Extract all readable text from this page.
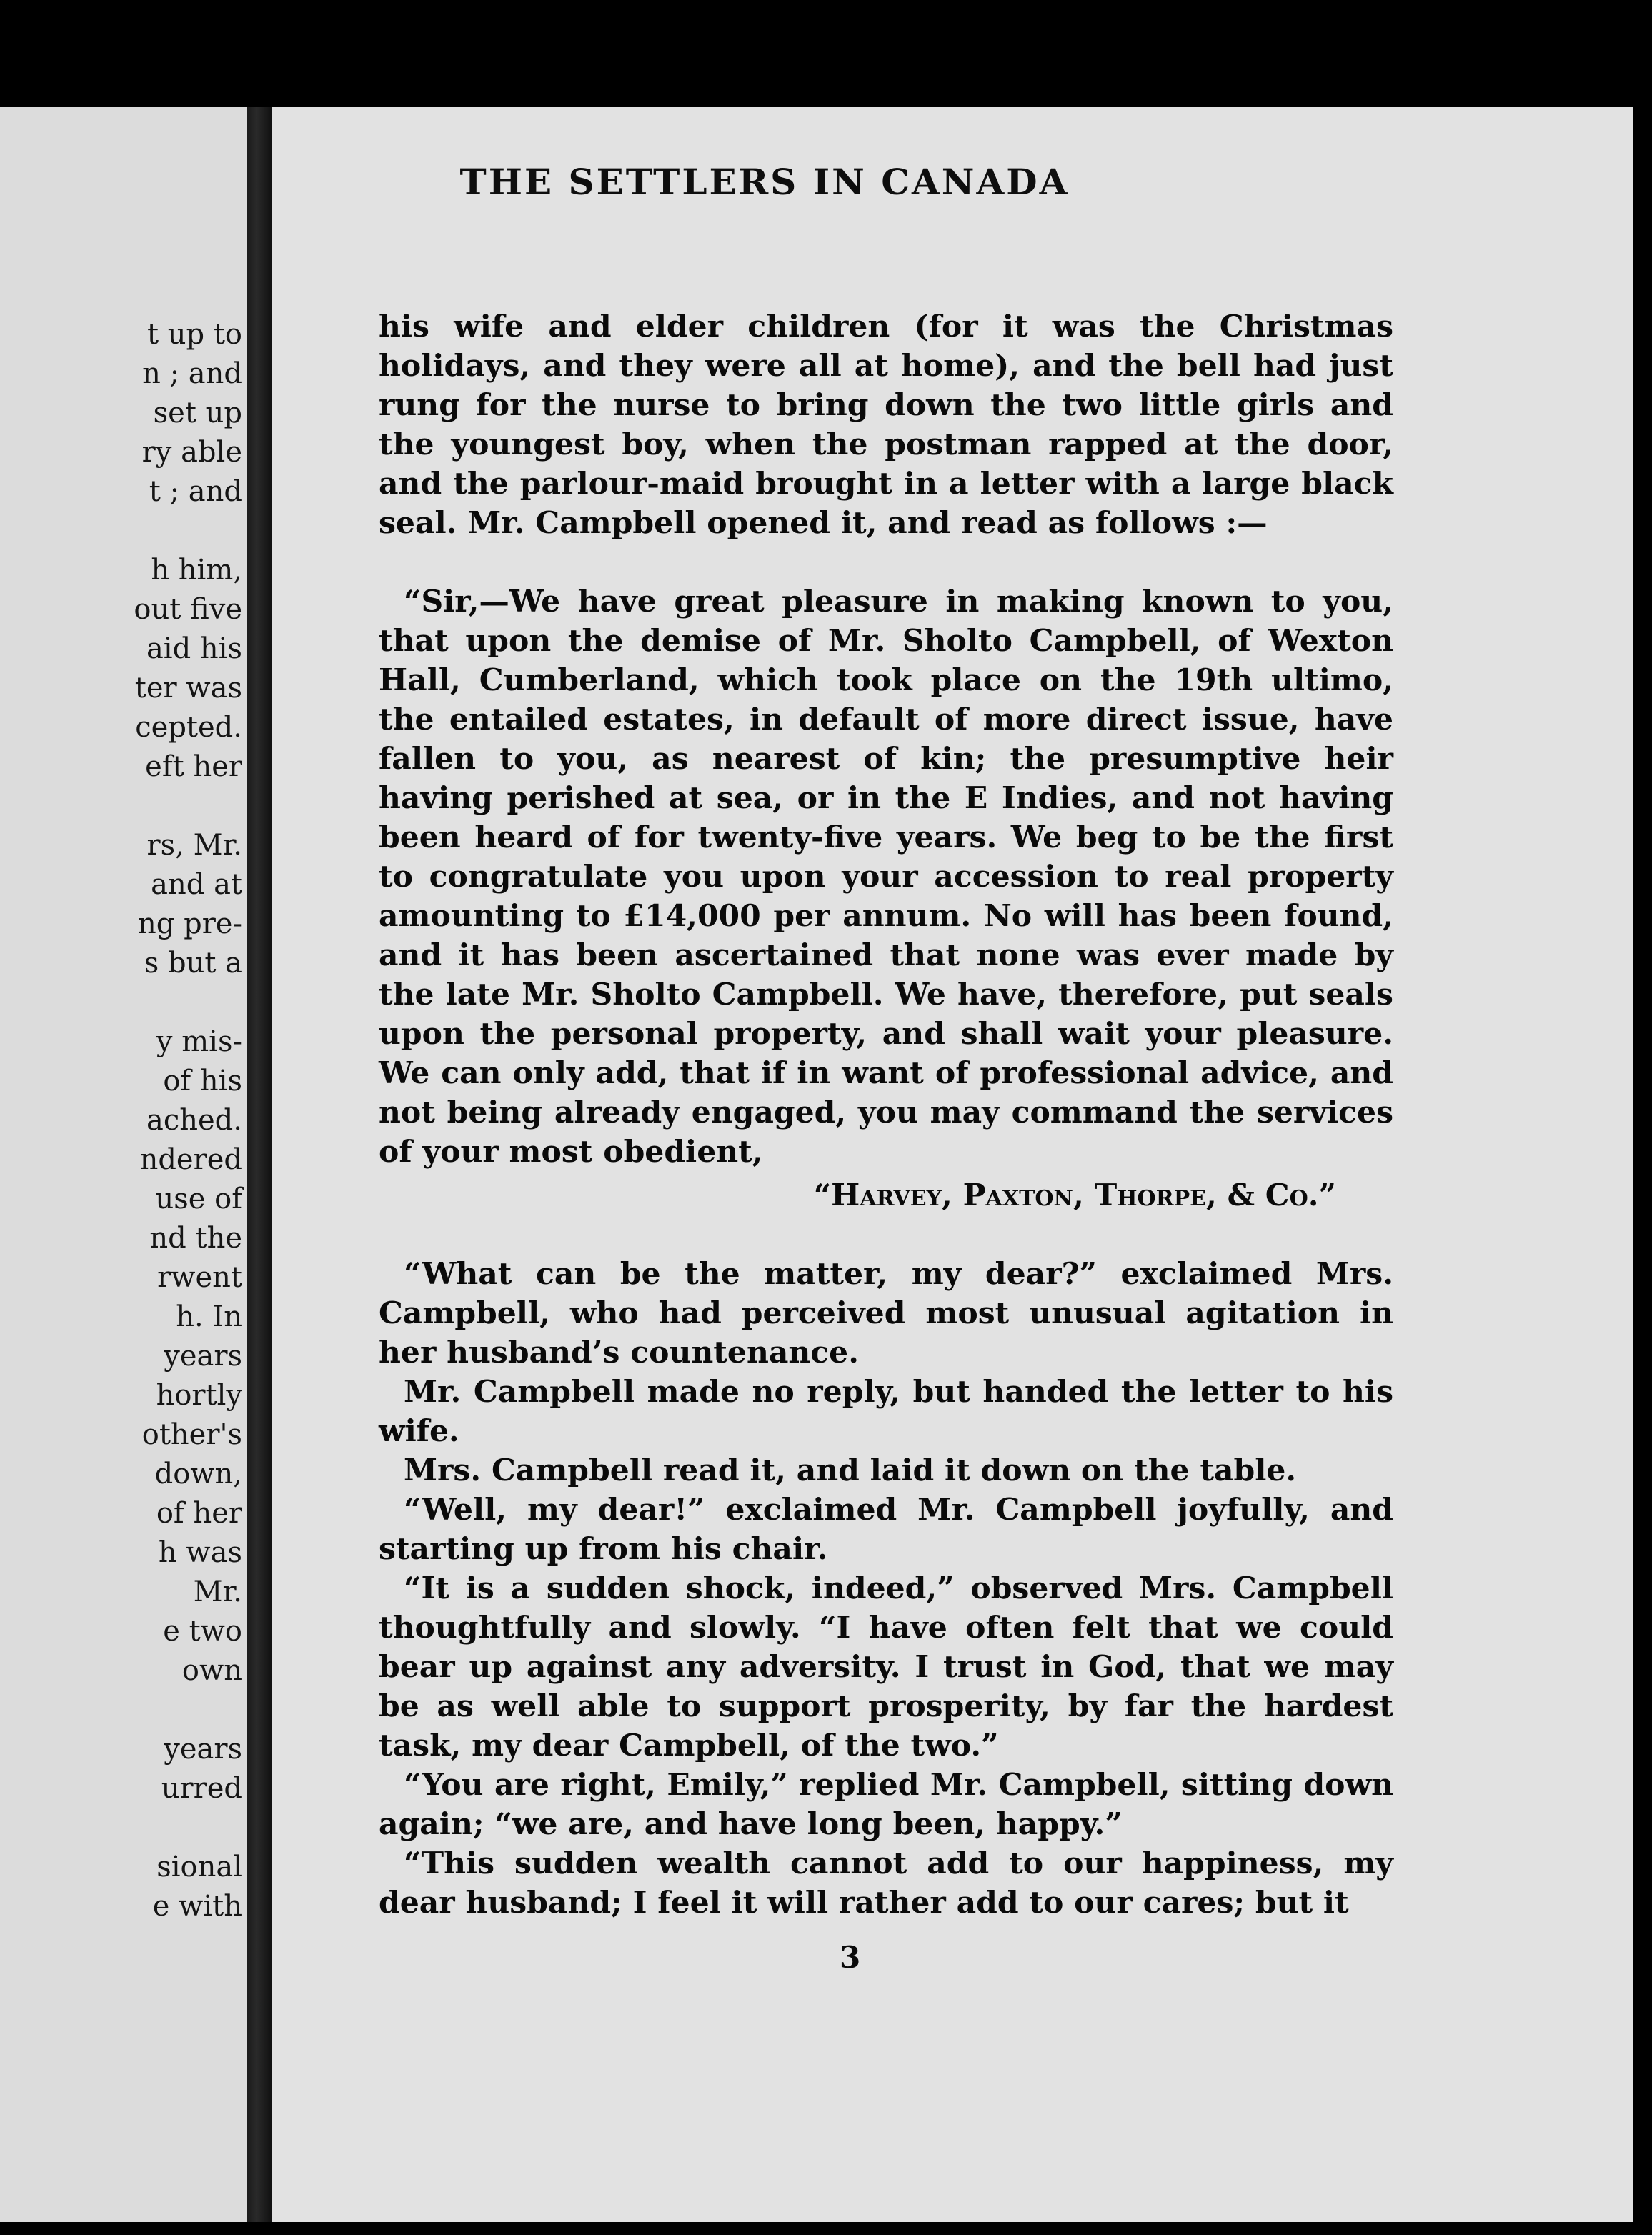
t up to
n ; and
set up
ry able
t ; and
h him,
out five
aid his
ter was
cepted.
eft her
rs, Mr.
and at
ng pre-
s but a
y mis-
of his
ached.
ndered
use of
nd the
rwent
h. In
years
hortly
other's
down,
of her
h was
Mr.
e two
own
years
urred
sional
e with
THE SETTLERS IN CANADA

his wife and elder children (for it was the Christmas holidays, and they were all at home), and the bell had just rung for the nurse to bring down the two little girls and the youngest boy, when the postman rapped at the door, and the parlour-maid brought in a letter with a large black seal. Mr. Campbell opened it, and read as follows :—

“Sir,—We have great pleasure in making known to you, that upon the demise of Mr. Sholto Campbell, of Wexton Hall, Cumberland, which took place on the 19th ultimo, the entailed estates, in default of more direct issue, have fallen to you, as nearest of kin; the presumptive heir having perished at sea, or in the E Indies, and not having been heard of for twenty-five years. We beg to be the first to congratulate you upon your accession to real property amounting to £14,000 per annum. No will has been found, and it has been ascertained that none was ever made by the late Mr. Sholto Campbell. We have, therefore, put seals upon the personal property, and shall wait your pleasure. We can only add, that if in want of professional advice, and not being already engaged, you may command the services of your most obedient,

“Harvey, Paxton, Thorpe, & Co.”

“What can be the matter, my dear?” exclaimed Mrs. Campbell, who had perceived most unusual agitation in her husband’s countenance.

Mr. Campbell made no reply, but handed the letter to his wife.

Mrs. Campbell read it, and laid it down on the table.

“Well, my dear!” exclaimed Mr. Campbell joyfully, and starting up from his chair.

“It is a sudden shock, indeed,” observed Mrs. Campbell thoughtfully and slowly. “I have often felt that we could bear up against any adversity. I trust in God, that we may be as well able to support prosperity, by far the hardest task, my dear Campbell, of the two.”

“You are right, Emily,” replied Mr. Campbell, sitting down again; “we are, and have long been, happy.”

“This sudden wealth cannot add to our happiness, my dear husband; I feel it will rather add to our cares; but it

3
